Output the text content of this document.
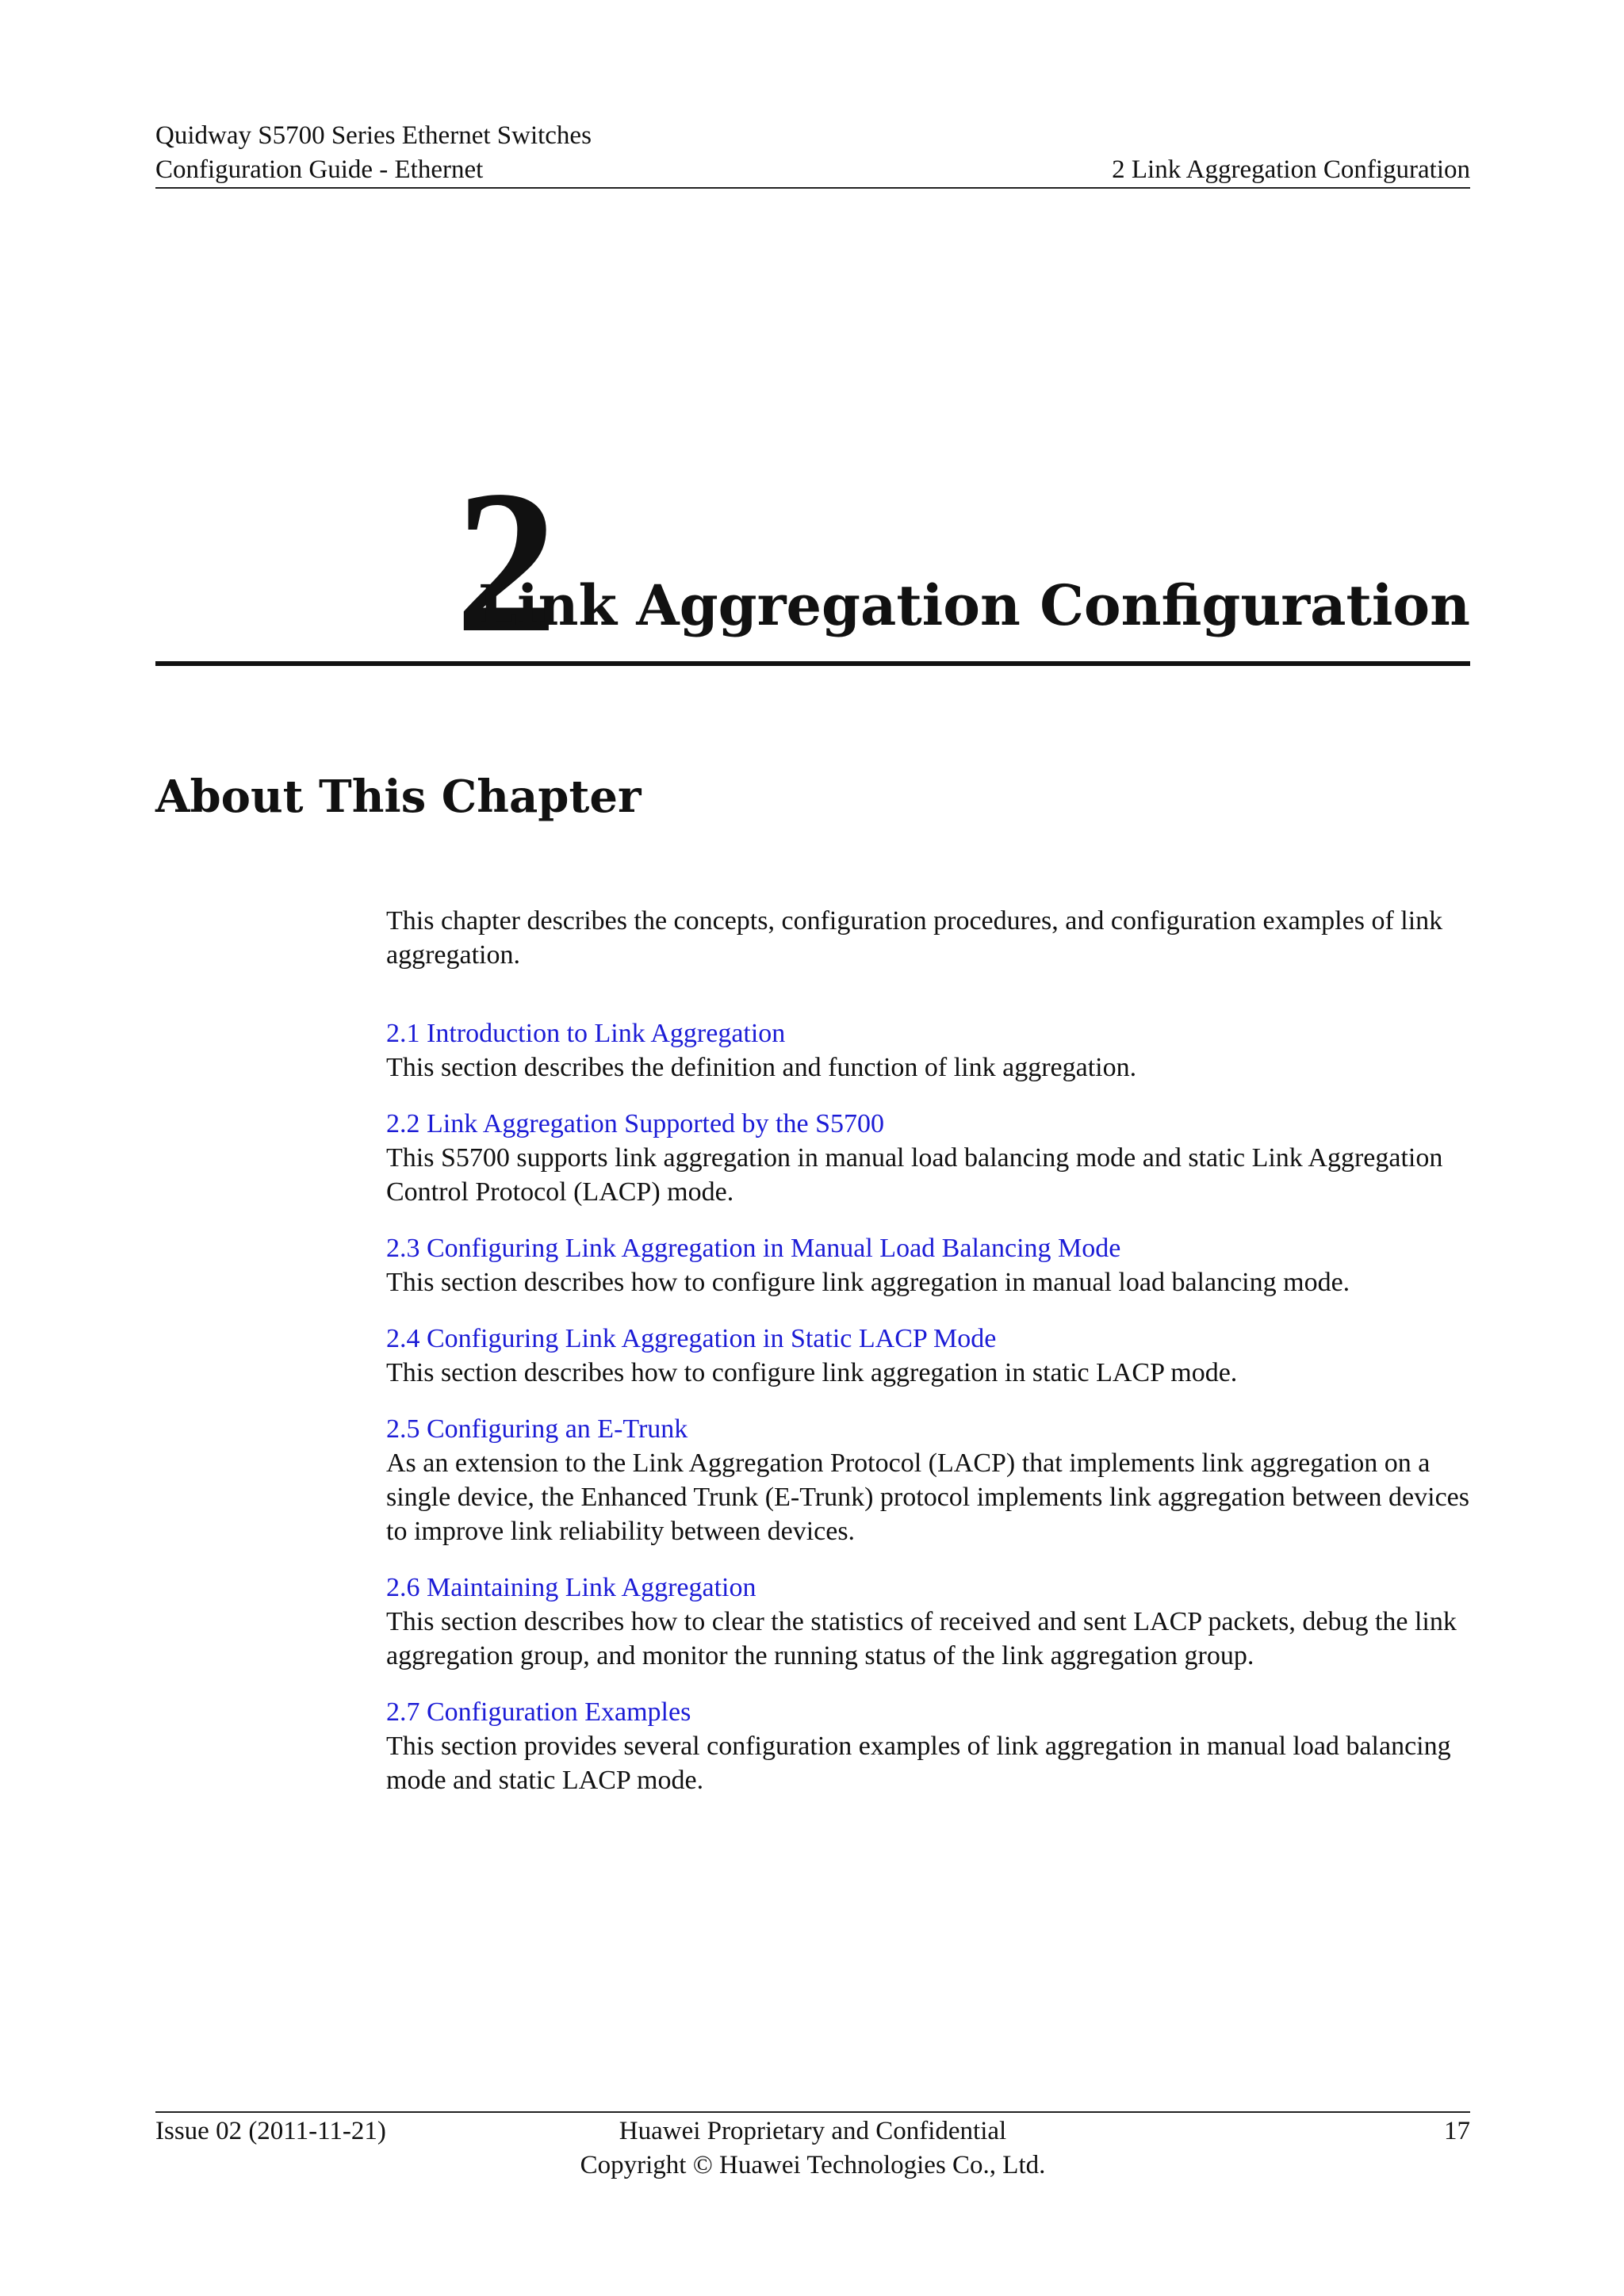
Quidway S5700 Series Ethernet Switches
Configuration Guide - Ethernet	2 Link Aggregation Configuration
2
Link Aggregation Configuration
About This Chapter

This chapter describes the concepts, configuration procedures, and configuration examples of link aggregation.

2.1 Introduction to Link Aggregation
This section describes the definition and function of link aggregation.
2.2 Link Aggregation Supported by the S5700
This S5700 supports link aggregation in manual load balancing mode and static Link Aggregation Control Protocol (LACP) mode.
2.3 Configuring Link Aggregation in Manual Load Balancing Mode
This section describes how to configure link aggregation in manual load balancing mode.
2.4 Configuring Link Aggregation in Static LACP Mode
This section describes how to configure link aggregation in static LACP mode.
2.5 Configuring an E-Trunk
As an extension to the Link Aggregation Protocol (LACP) that implements link aggregation on a single device, the Enhanced Trunk (E-Trunk) protocol implements link aggregation between devices to improve link reliability between devices.
2.6 Maintaining Link Aggregation
This section describes how to clear the statistics of received and sent LACP packets, debug the link aggregation group, and monitor the running status of the link aggregation group.
2.7 Configuration Examples
This section provides several configuration examples of link aggregation in manual load balancing mode and static LACP mode.
Issue 02 (2011-11-21)	Huawei Proprietary and Confidential
Copyright © Huawei Technologies Co., Ltd.
17
